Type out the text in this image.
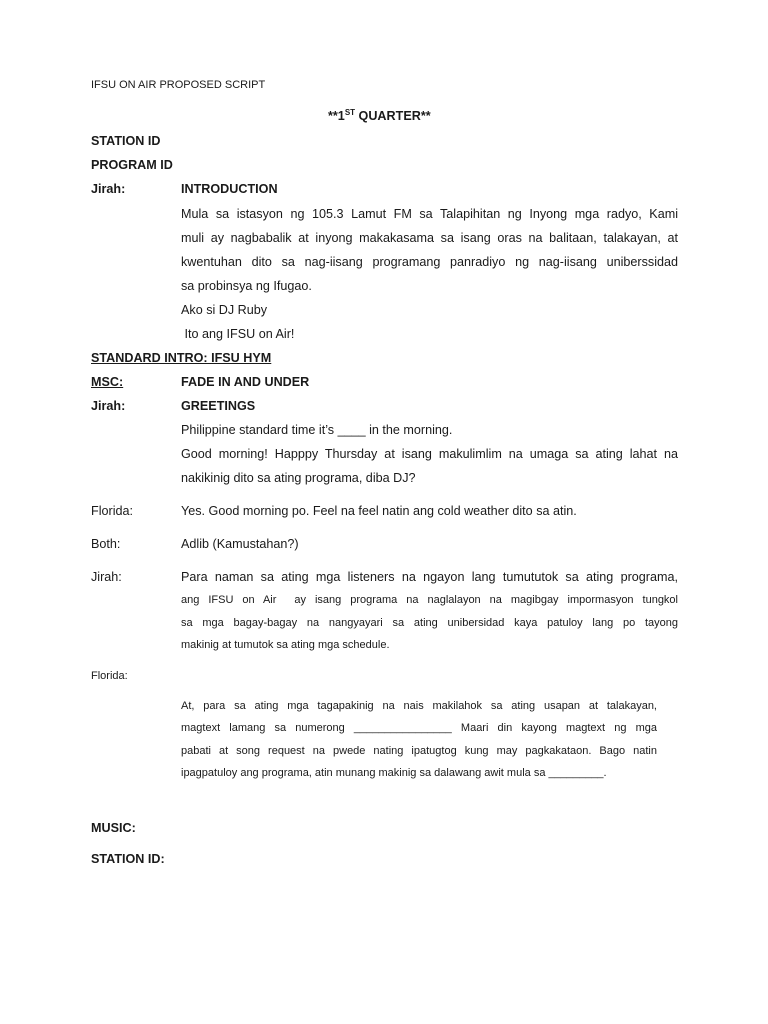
IFSU ON AIR PROPOSED SCRIPT
**1ST QUARTER**
STATION ID
PROGRAM ID
Jirah:	INTRODUCTION
Mula sa istasyon ng 105.3 Lamut FM sa Talapihitan ng Inyong mga radyo, Kami
muli ay nagbabalik at inyong makakasama sa isang oras na balitaan, talakayan, at
kwentuhan dito sa nag-iisang programang panradiyo ng nag-iisang uniberssidad
sa probinsya ng Ifugao.
Ako si DJ Ruby
Ito ang IFSU on Air!
STANDARD INTRO: IFSU HYM
MSC:	FADE IN AND UNDER
Jirah:	GREETINGS
Philippine standard time it’s ____ in the morning.
Good morning! Happpy Thursday at isang makulimlim na umaga sa ating lahat na
nakikinig dito sa ating programa, diba DJ?
Florida:	Yes. Good morning po. Feel na feel natin ang cold weather dito sa atin.
Both:	Adlib (Kamustahan?)
Jirah:	Para naman sa ating mga listeners na ngayon lang tumututok sa ating programa,
ang IFSU on Air  ay isang programa na naglalayon na magibgay impormasyon tungkol
sa mga bagay-bagay na nangyayari sa ating unibersidad kaya patuloy lang po tayong
makinig at tumutok sa ating mga schedule.
Florida:
At, para sa ating mga tagapakinig na nais makilahok sa ating usapan at talakayan,
magtext lamang sa numerong ________________ Maari din kayong magtext ng mga
pabati at song request na pwede nating ipatugtog kung may pagkakataon. Bago natin
ipagpatuloy ang programa, atin munang makinig sa dalawang awit mula sa _________.
MUSIC:
STATION ID:
